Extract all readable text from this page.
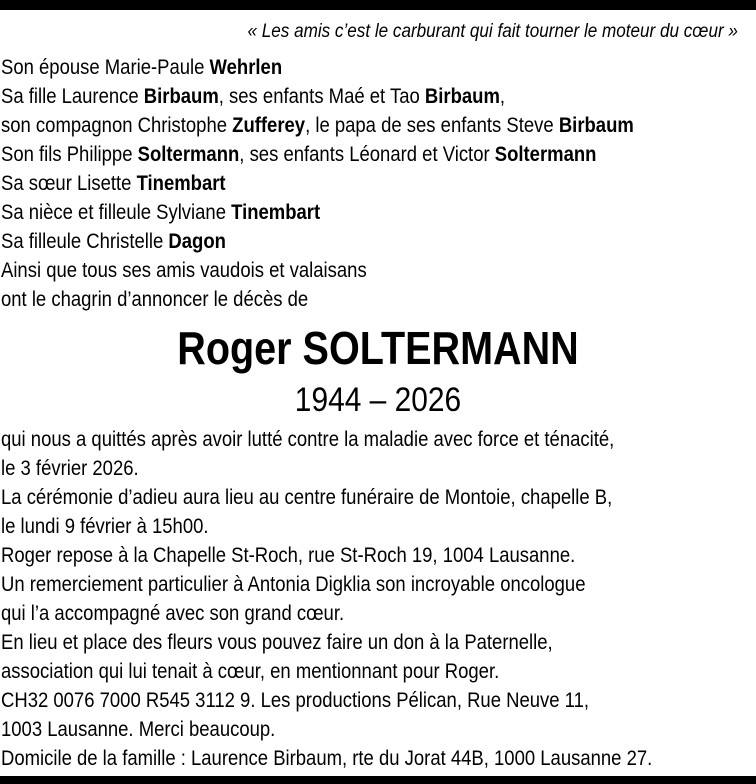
« Les amis c’est le carburant qui fait tourner le moteur du cœur »
Son épouse Marie-Paule Wehrlen
Sa fille Laurence Birbaum, ses enfants Maé et Tao Birbaum,
son compagnon Christophe Zufferey, le papa de ses enfants Steve Birbaum
Son fils Philippe Soltermann, ses enfants Léonard et Victor Soltermann
Sa sœur Lisette Tinembart
Sa nièce et filleule Sylviane Tinembart
Sa filleule Christelle Dagon
Ainsi que tous ses amis vaudois et valaisans
ont le chagrin d’annoncer le décès de
Roger SOLTERMANN
1944 – 2026
qui nous a quittés après avoir lutté contre la maladie avec force et ténacité,
le 3 février 2026.
La cérémonie d’adieu aura lieu au centre funéraire de Montoie, chapelle B,
le lundi 9 février à 15h00.
Roger repose à la Chapelle St-Roch, rue St-Roch 19, 1004 Lausanne.
Un remerciement particulier à Antonia Digklia son incroyable oncologue
qui l’a accompagné avec son grand cœur.
En lieu et place des fleurs vous pouvez faire un don à la Paternelle,
association qui lui tenait à cœur, en mentionnant pour Roger.
CH32 0076 7000 R545 3112 9. Les productions Pélican, Rue Neuve 11,
1003 Lausanne. Merci beaucoup.
Domicile de la famille : Laurence Birbaum, rte du Jorat 44B, 1000 Lausanne 27.
